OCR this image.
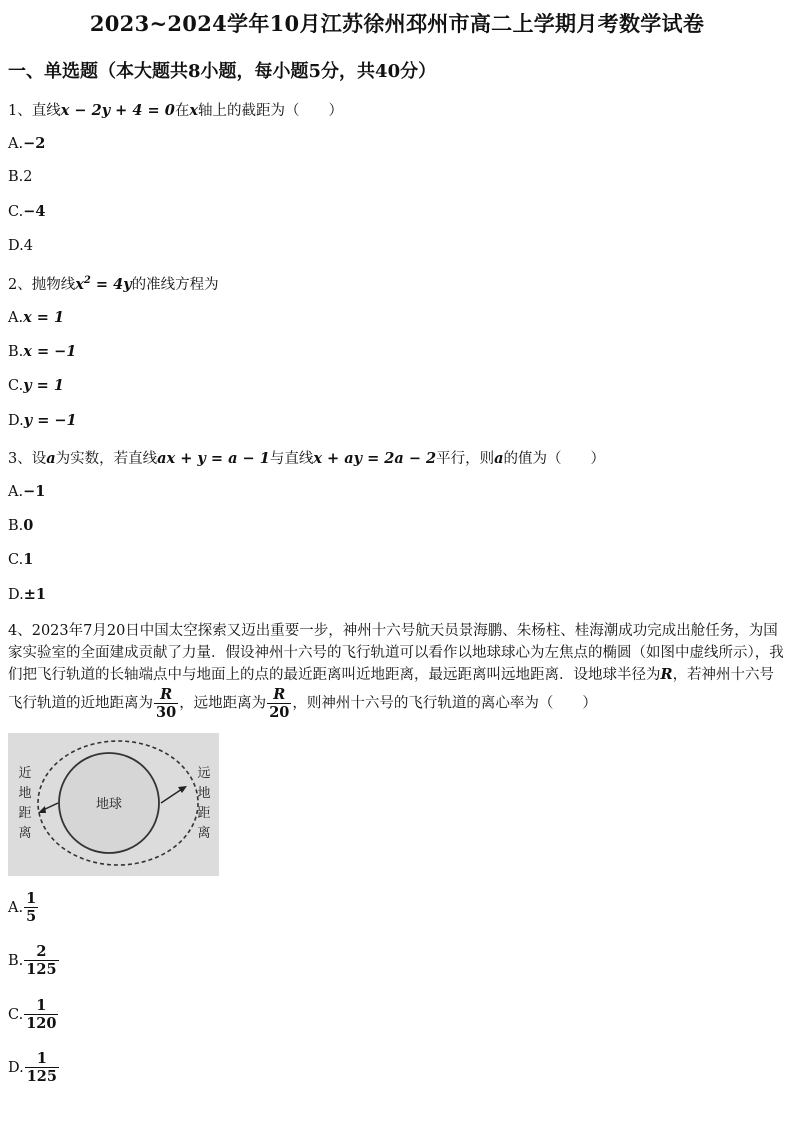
2023~2024学年10月江苏徐州邳州市高二上学期月考数学试卷
一、单选题（本大题共8小题，每小题5分，共40分）
1、直线x − 2y + 4 = 0在x轴上的截距为（　　）
A.−2
B.2
C.−4
D.4
2、抛物线$x^2 = 4y$的准线方程为
A.x = 1
B.x = −1
C.y = 1
D.y = −1
3、设a为实数，若直线ax + y = a − 1与直线x + ay = 2a − 2平行，则a的值为（　　）
A.−1
B.0
C.1
D.±1
4、2023年7月20日中国太空探索又迈出重要一步，神州十六号航天员景海鹏、朱杨柱、桂海潮成功完成出舱任务，为国家实验室的全面建成贡献了力量．假设神州十六号的飞行轨道可以看作以地球球心为左焦点的椭圆（如图中虚线所示），我们把飞行轨道的长轴端点中与地面上的点的最近距离叫近地距离，最远距离叫远地距离．设地球半径为R，若神州十六号飞行轨道的近地距离为 $\frac{R}{30}$ ，远地距离为 $\frac{R}{20}$ ，则神州十六号的飞行轨道的离心率为（　　）
地球
近
地
距
离
远
地
距
离
A. $\frac{1}{5}$
B. $\frac{2}{125}$
C. $\frac{1}{120}$
D. $\frac{1}{125}$
